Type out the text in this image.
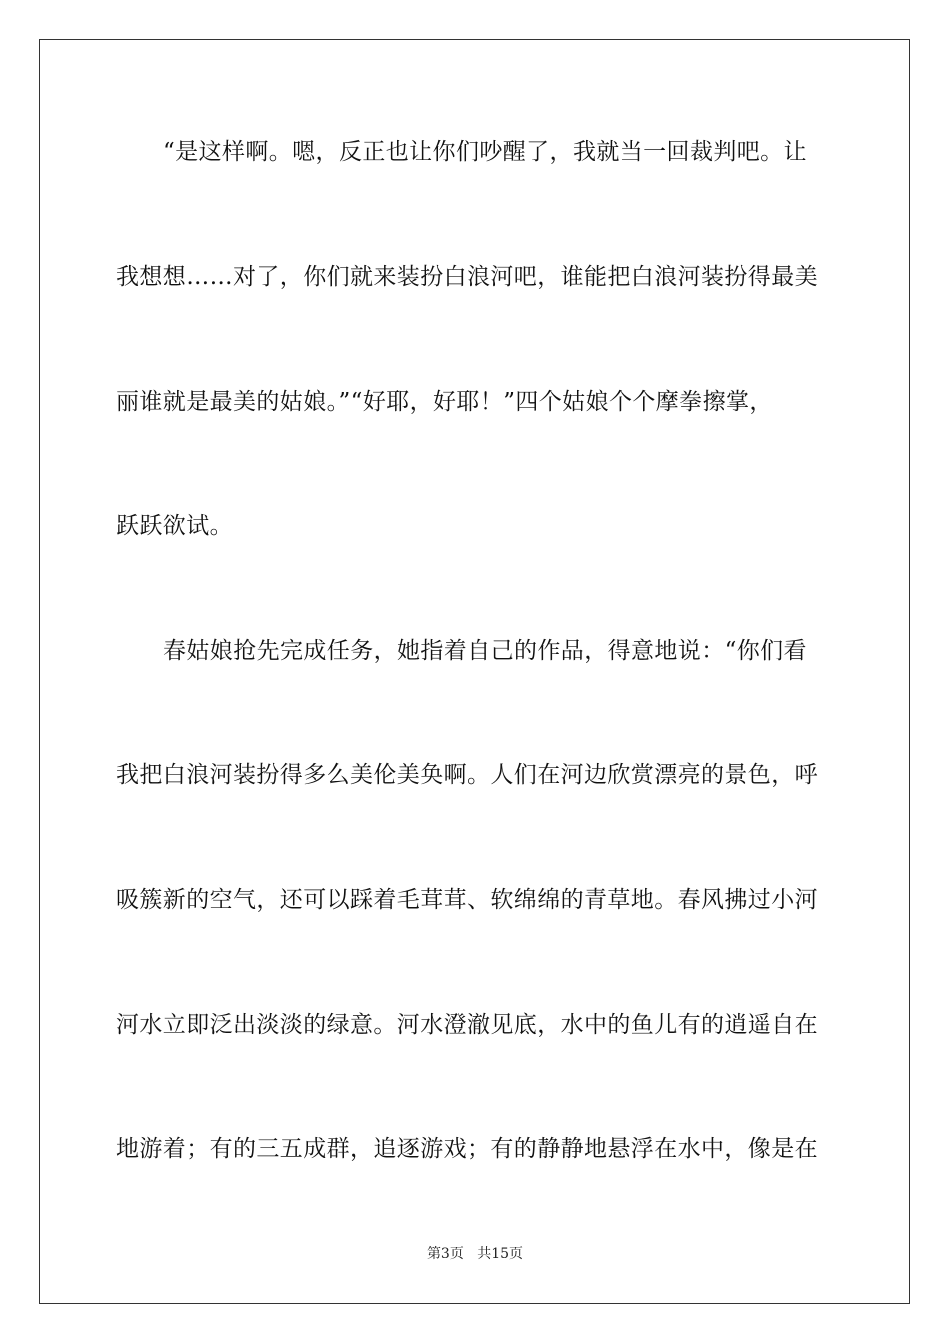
“是这样啊。嗯，反正也让你们吵醒了，我就当一回裁判吧。让
我想想……对了，你们就来装扮白浪河吧，谁能把白浪河装扮得最美
丽谁就是最美的姑娘。”“好耶，好耶！”四个姑娘个个摩拳擦掌，
跃跃欲试。
春姑娘抢先完成任务，她指着自己的作品，得意地说：“你们看
我把白浪河装扮得多么美伦美奂啊。人们在河边欣赏漂亮的景色，呼
吸簇新的空气，还可以踩着毛茸茸、软绵绵的青草地。春风拂过小河
河水立即泛出淡淡的绿意。河水澄澈见底，水中的鱼儿有的逍遥自在
地游着；有的三五成群，追逐游戏；有的静静地悬浮在水中，像是在
第3页 共15页
